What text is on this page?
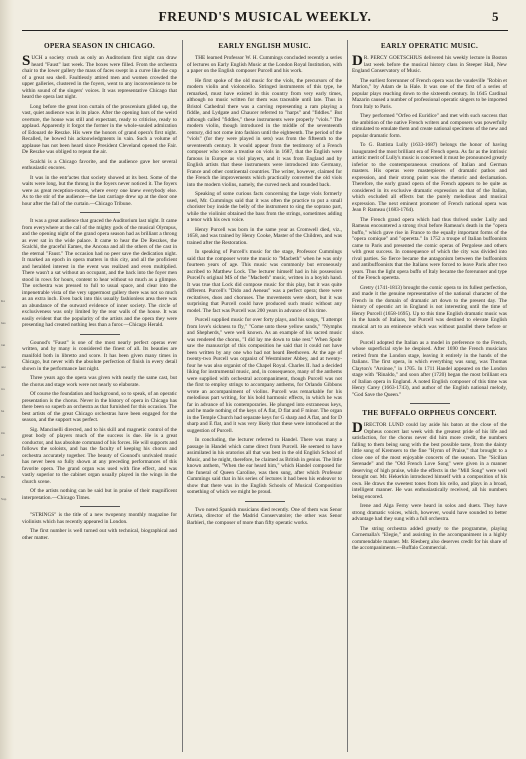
Ka
hes
tan
ane
tra
ha
Oo
ed
Ho
Sop
FREUND'S MUSICAL WEEKLY.	5
OPERA SEASON IN CHICAGO.

SUCH a society crush as only an Auditorium first night can draw heard "Faust" last week. The boxes were filled. From the orchestra chair to the lower gallery the mass of faces swept in a curve like the cup of a great sea shell. Faultlessly attired men and women crowded the upper galleries, clustered in the foyers, went to any inconvenience to be within sound of the singers' voices. It was representative Chicago that heard the opera last night.

Long before the great iron curtain of the proscenium glided up, the vast, quiet audience was in its place. After the opening bars of the weird overture, the house was still and expectant, ready to criticise, ready to applaud. Apparently it forgot the former in the whole-souled admiration of Edouard de Reszke. His were the honors of grand opera's first night. Recalled, he bowed his acknowledgments in vain. Such a volume of applause has not been heard since President Cleveland opened the Fair. De Reszke was obliged to repeat the air.

Scalchi is a Chicago favorite, and the audience gave her several enthusiastic encores.

It was in the entr'actes that society showed at its best. Some of the waits were long, but the throng in the foyers never noticed it. The foyers were as great reception-rooms, where every one knew everybody else. As to the stir of the audience—the last carriage drew up at the door one hour after the fall of the curtain.—Chicago Tribune.

It was a great audience that graced the Auditorium last night. It came from everywhere at the call of the mighty gods of the musical Olympus, and the opening night of the grand opera season had as brilliant a throng as ever sat in the wide palace. It came to hear the De Reszkes, the Scalchi, the graceful Eames, the Ancona and all the others of the cast in the eternal "Faust." The occasion had no peer save the dedication night. It marked an epoch in opera matters in this city, and all the proficient and heralded interest in the event was realized and even multiplied. There wasn't a sat without an occupant, and the back into the foyer men stood in rows for hours, content to hear without so much as a glimpse. The orchestra was pressed to full to usual space, and clear into the impenetrable vista of the very uppermost gallery there was not so much as an extra inch. Even back into this usually fashionless area there was an abundance of the outward evidence of inner society. The circle of exclusiveness was only limited by the rear walls of the house. It was easily evident that the popularity of the artists and the opera they were presenting had created nothing less than a furor.—Chicago Herald.

Gounod's "Faust" is one of the most nearly perfect operas ever written, and by many is considered the finest of all. Its beauties are manifold both in libretto and score. It has been given many times in Chicago, but never with the absolute perfection of finish in every detail shown in the performance last night.

Three years ago the opera was given with nearly the same cast, but the chorus and stage work were not nearly so elaborate.

Of course the foundation and background, so to speak, of an operatic presentation is the chorus. Never in the history of opera in Chicago has there been so superb an orchestra as that furnished for this occasion. The best artists of the great Chicago orchestras have been engaged for the season, and the support was perfect.

Sig. Mancinelli directed, and to his skill and magnetic control of the great body of players much of the success is due. He is a great conductor, and has absolute command of his forces. He will supports and follows the soloists, and has the faculty of keeping his chorus and orchestra accurately together. The beauty of Gounod's unrivaled music has never been so fully shown at any preceding performances of this favorite opera. The grand organ was used with fine effect, and was vastly superior to the cabinet organ usually played in the wings in the church scene.

Of the artists nothing can be said but in praise of their magnificent interpretation.—Chicago Times.

"STRINGS" is the title of a new twopenny monthly magazine for violinists which has recently appeared in London.

The first number is well turned out with technical, biographical and other matter.

EARLY ENGLISH MUSIC.

THE learned Professor W. H. Cummings concluded recently a series of lectures on Early English Music at the London Royal Institution, with a paper on the English composer Purcell and his work.

He first spoke of the old music for the viols, the precursors of the modern violin and violoncello. Stringed instruments of this type, he remarked, must have existed in this country from very early times, although no music written for them was traceable until late. Thus in Bristol Cathedral there was a carving representing a ram playing a fiddle, and Lydgate and Chaucer referred to "harps" and "fiddles." But although called "fiddles," these instruments were properly "viols." The modern violin, though introduced in the middle of the seventeenth century, did not come into fashion until the eighteenth. The period of the "viols" (for they were played in sets) was from the fifteenth to the seventeenth century. It would appear from the testimony of a French composer who wrote a treatise on viols in 1687, that the English were famous in Europe as viol players, and it was from England and by English artists that these instruments were introduced into Germany, France and other continental countries. The writer, however, claimed for the French the improvements which practically converted the old viols into the modern violins, namely, the curved neck and rounded back.

Speaking of some curious facts concerning the large viols formerly used, Mr. Cummings said that it was often the practice to put a small chorister boy inside the belly of the instrument to sing the soprano part, while the violinist obtained the bass from the strings, sometimes adding a tenor with his own voice.

Henry Purcell was born in the same year as Cromwell died, viz., 1658, and was trained by Henry Cooke, Master of the Children, and was trained after the Restoration.

In speaking of Purcell's music for the stage, Professor Cummings said that the composer wrote the music to "Macbeth" when he was only fourteen years of age. This music was commonly but erroneously ascribed to Matthew Lock. The lecturer himself had in his possession Purcell's original MS of the "Macbeth" music, written in a boyish hand. It was true that Lock did compose music for this play, but it was quite different. Purcell's "Dido and Aeneas" was a perfect opera; there were recitatives, duos and choruses. The movements were short, but it was surprising that Purcell could have produced such music without any model. The fact was Purcell was 200 years in advance of his time.

Purcell supplied music for over forty plays, and his songs, "I attempt from love's sickness to fly," "Come unto these yellow sands," "Nymphs and Shepherds," were well known. As an example of his sacred music was rendered the chorus, "I did lay me down to take rest." When Spohr saw the manuscript of this composition he said that it could not have been written by any one who had not heard Beethoven. At the age of twenty-two Purcell was organist of Westminster Abbey, and at twenty-four he was also organist of the Chapel Royal. Charles II. had a decided liking for instrumental music, and, in consequence, many of the anthems were supplied with orchestral accompaniment, though Purcell was not the first to employ strings to accompany anthems, for Orlando Gibbons wrote an accompaniment of violins. Purcell was remarkable for his melodious part writing, for his bold harmonic effects, in which he was far in advance of his contemporaries. He plunged into extraneous keys, and he made nothing of the keys of A flat, D flat and F minor. The organ in the Temple Church had separate keys for G sharp and A flat, and for D sharp and E flat, and it was very likely that these were introduced at the suggestion of Purcell.

In concluding, the lecturer referred to Handel. There was many a passage in Handel which came direct from Purcell. He seemed to have assimilated in his oratorios all that was best in the old English School of Music, and he might, therefore, be claimed as British in genius. The little known anthem, "When the ear heard him," which Handel composed for the funeral of Queen Caroline, was then sung, after which Professor Cummings said that in his series of lectures it had been his endeavor to show that there was in the English Schools of Musical Composition something of which we might be proud.

Two noted Spanish musicians died recently. One of them was Senor Arrieta, director of the Madrid Conservatoire; the other was Senor Barbieri, the composer of more than fifty operatic works.

EARLY OPERATIC MUSIC.

D R. PERCY GOETSCHIUS delivered his weekly lecture in Boston last week before the musical history class in Steeper Hall, New England Conservatory of Music.

The earliest forerunner of French opera was the vaudeville "Robin et Marion," by Adam de la Hale. It was one of the first of a series of popular plays reaching down to the sixteenth century. In 1645 Cardinal Mazarin caused a number of professional operatic singers to be imported from Italy to Paris.

They performed "Orfeo ed Euridice" and met with such success that the ambition of the native French writers and composers was powerfully stimulated to emulate them and create national specimens of the new and popular dramatic form.

To G. Battista Lully (1633-1687) belongs the honor of having inaugurated the most brilliant era of French opera. As far as the intrinsic artistic merit of Lully's music is concerned it must be pronounced greatly inferior to the contemporaneous creations of Italian and German masters. His operas were masterpieces of dramatic pathos and expression, and their strong point was the rhetoric and declamation. Therefore, the early grand opera of the French appears to be quite as considered in its exclusive dramatic expression as that of the Italian, which excluded all effects but the purely melodious and musical expression. The next eminent promoter of French national opera was Jean P. Rameau (1683-1764).

The French grand opera which had thus thrived under Lully and Rameau encountered a strong rival before Rameau's death in the "opera buffo," which gave rise in France to the equally important forms of the "opera comique" and "operetta." In 1752 a troupe of Italian buffoonists came to Paris and presented the comic operas of Pergolese and others with great success. In consequence of which the city was divided into rival parties. So fierce became the antagonism between the buffoonists and antibuffoonists that the Italians were forced to leave Paris after two years. Thus the light opera buffo of Italy became the forerunner and type of the French operetta.

Gretry (1741-1813) brought the comic opera to its fullest perfection, and made it the genuine representative of the national character of the French in the domain of dramatic art down to the present day. The history of operatic art in England is not interesting until the time of Henry Purcell (1658-1695). Up to this time English dramatic music was in the hands of Italians, but Purcell was destined to elevate English musical art to an eminence which was without parallel there before or since.

Purcell adopted the Italian as a model in preference to the French, whose superficial style he despised. After 1690 the French musicians retired from the London stage, leaving it entirely in the hands of the Italians. The first opera, in which everything was sung, was Thomas Clayton's "Arsinoe," in 1705. In 1711 Handel appeared on the London stage with "Rinaldo," and soon after (1720) began the most brilliant era of Italian opera in England. A noted English composer of this time was Henry Carey (1663-1743), and author of the English national melody, "God Save the Queen."

THE BUFFALO ORPHEUS CONCERT.

DIRECTOR LUND could lay aside his baton at the close of the Orpheus concert last week with the greatest pride of his life and satisfaction, for the chorus never did him more credit, the numbers falling to them being sung with the best possible taste, from the dainty little song of Kremsers to the fine "Hymn of Praise," that brought to a close one of the most enjoyable concerts of the season. The "Sicilian Serenade" and the "Old French Love Song" were given in a manner deserving of high praise, while the effects in the "Mill Song" were well brought out. Mr. Hekerkin introduced himself with a composition of his own. He draws the sweetest tones from his cello, and plays in a broad, intelligent manner. He was enthusiastically received, all his numbers being encored.

Irene and Alga Ferny were heard in solos and duets. They have strong dramatic voices, which, however, would have sounded to better advantage had they sung with a full orchestra.

The string orchestra added greatly to the programme, playing Cornemalla's "Elegie," and assisting in the accompaniment in a highly commendable manner. Mr. Riesberg also deserves credit for his share of the accompaniments.—Buffalo Commercial.
